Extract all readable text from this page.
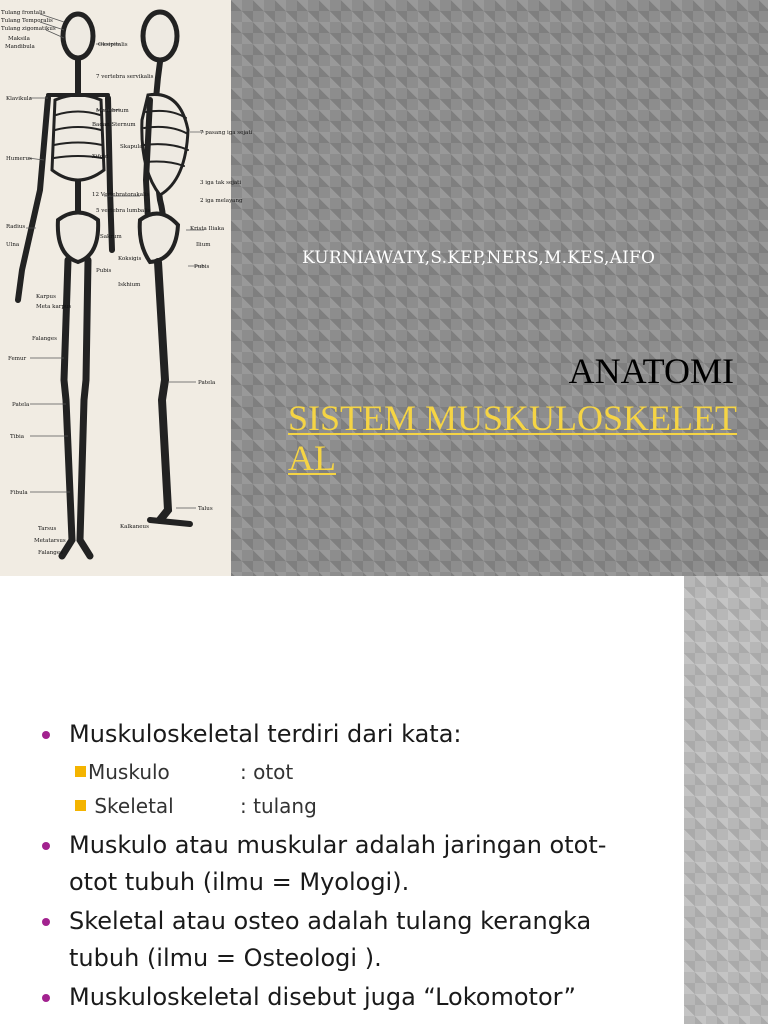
Tulang frontalis
Tulang Temporalis
Tulang zigomatikus
Maksila
Mandibula
Klavikula
Humerus
Radius
Ulna
Karpus
Meta karpus
Falanges
Femur
Patela
Tibia
Fibula
Tarsus
Metatarsus
Falanges
Oksipitalis
7 vertebra servikalis
Manubrium
Badan Sternum
Xifoid
12 Vertebratorakalis
5 vertebra lumbalis
Sakrum
Pubis
Skapula
7 pasang iga sejati
3 iga tak sejati
2 iga melayang
Krista Iliaka
Ilium
Koksigis
Iskhium
Pubis
Patela
Talus
Kalkaneus
KURNIAWATY,S.KEP,NERS,M.KES,AIFO
ANATOMI
SISTEM MUSKULOSKELETAL
Muskuloskeletal terdiri dari kata:
Muskulo	: otot
Skeletal	: tulang
Muskulo atau muskular adalah jaringan otot-otot tubuh (ilmu = Myologi).
Skeletal atau osteo adalah tulang kerangka tubuh (ilmu = Osteologi ).
Muskuloskeletal disebut juga “Lokomotor”
